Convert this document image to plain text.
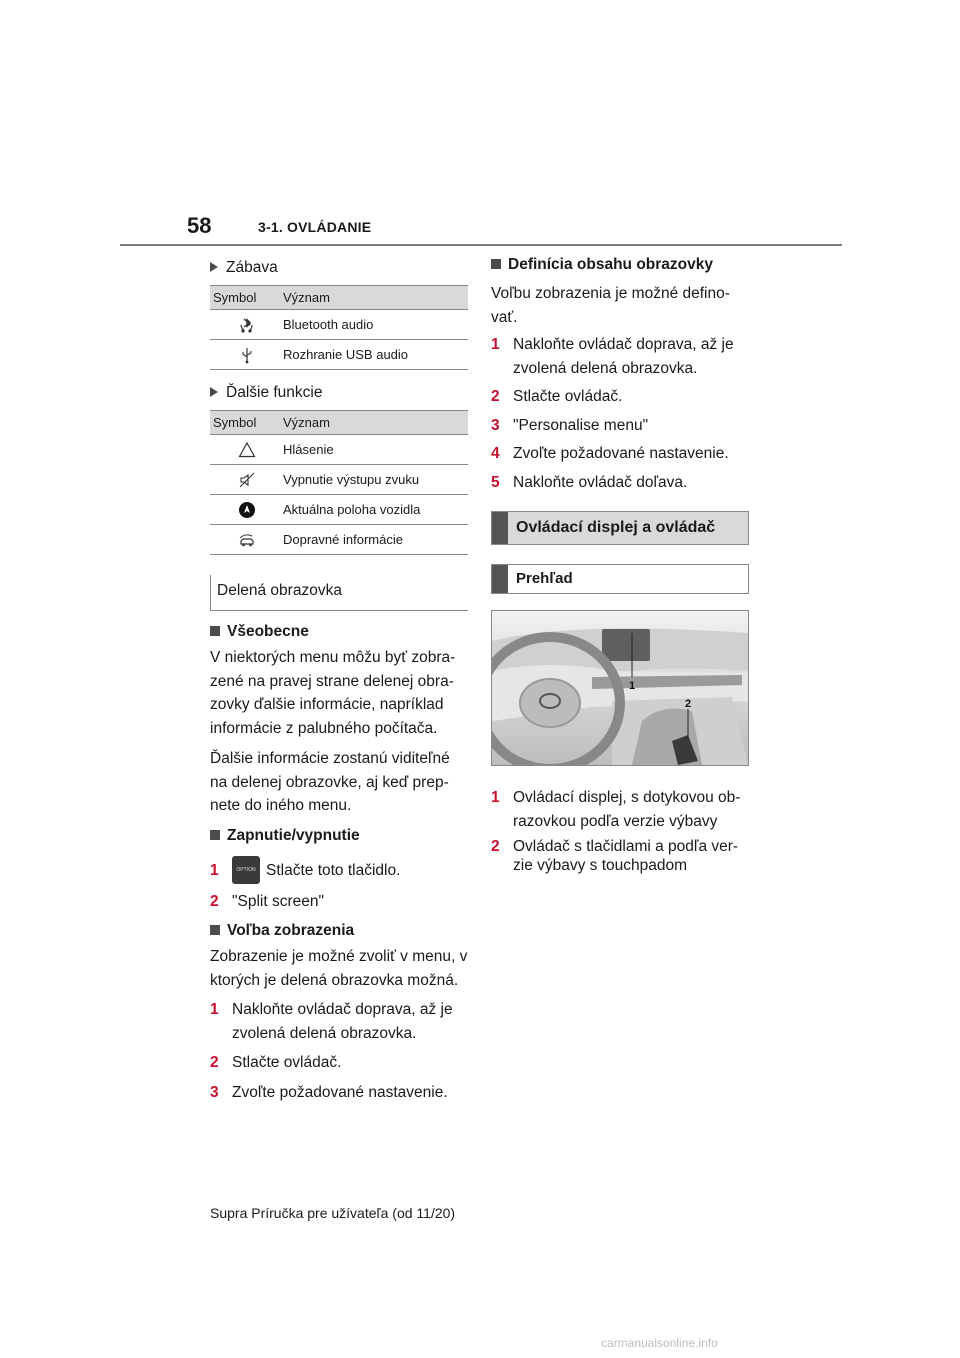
58	3-1. OVLÁDANIE
Zábava
Symbol	Význam
	Bluetooth audio
	Rozhranie USB audio
Ďalšie funkcie
Symbol	Význam
	Hlásenie
	Vypnutie výstupu zvuku
	Aktuálna poloha vozidla
	Dopravné informácie
Delená obrazovka
Všeobecne

V niektorých menu môžu byť zobra-zené na pravej strane delenej obra-zovky ďalšie informácie, napríklad informácie z palubného počítača.

Ďalšie informácie zostanú viditeľné na delenej obrazovke, aj keď prep-nete do iného menu.

Zapnutie/vypnutie
1	OPTION Stlačte toto tlačidlo.
2 "Split screen"
Voľba zobrazenia

Zobrazenie je možné zvoliť v menu, v ktorých je delená obrazovka možná.

1 Nakloňte ovládač doprava, až je zvolená delená obrazovka.
2 Stlačte ovládač.
3 Zvoľte požadované nastavenie.
Definícia obsahu obrazovky

Voľbu zobrazenia je možné defino-vať.

1 Nakloňte ovládač doprava, až je zvolená delená obrazovka.
2 Stlačte ovládač.
3 "Personalise menu"
4 Zvoľte požadované nastavenie.
5 Nakloňte ovládač doľava.
Ovládací displej a ovládač
Prehľad
1
2
1 Ovládací displej, s dotykovou ob-razovkou podľa verzie výbavy
2 Ovládač s tlačidlami a podľa ver-zie výbavy s touchpadom
Supra Príručka pre užívateľa (od 11/20)
carmanualsonline.info
